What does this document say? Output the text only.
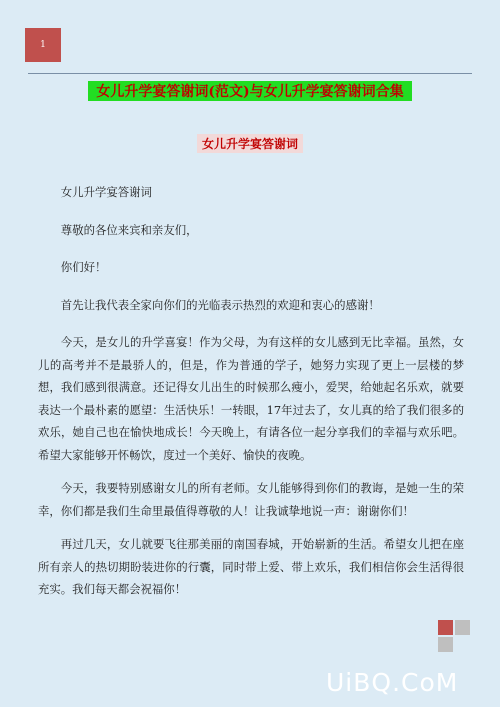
1
女儿升学宴答谢词(范文)与女儿升学宴答谢词合集
女儿升学宴答谢词

女儿升学宴答谢词

尊敬的各位来宾和亲友们，

你们好！

首先让我代表全家向你们的光临表示热烈的欢迎和衷心的感谢！

今天，是女儿的升学喜宴！作为父母，为有这样的女儿感到无比幸福。虽然，女儿的高考并不是最骄人的，但是，作为普通的学子，她努力实现了更上一层楼的梦想，我们感到很满意。还记得女儿出生的时候那么瘦小，爱哭，给她起名乐欢，就要表达一个最朴素的愿望：生活快乐！一转眼，17年过去了，女儿真的给了我们很多的欢乐，她自己也在愉快地成长！今天晚上，有请各位一起分享我们的幸福与欢乐吧。希望大家能够开怀畅饮，度过一个美好、愉快的夜晚。

今天，我要特别感谢女儿的所有老师。女儿能够得到你们的教诲，是她一生的荣幸，你们都是我们生命里最值得尊敬的人！让我诚挚地说一声：谢谢你们！

再过几天，女儿就要飞往那美丽的南国春城，开始崭新的生活。希望女儿把在座所有亲人的热切期盼装进你的行囊，同时带上爱、带上欢乐，我们相信你会生活得很充实。我们每天都会祝福你！

UiBQ.CoM
